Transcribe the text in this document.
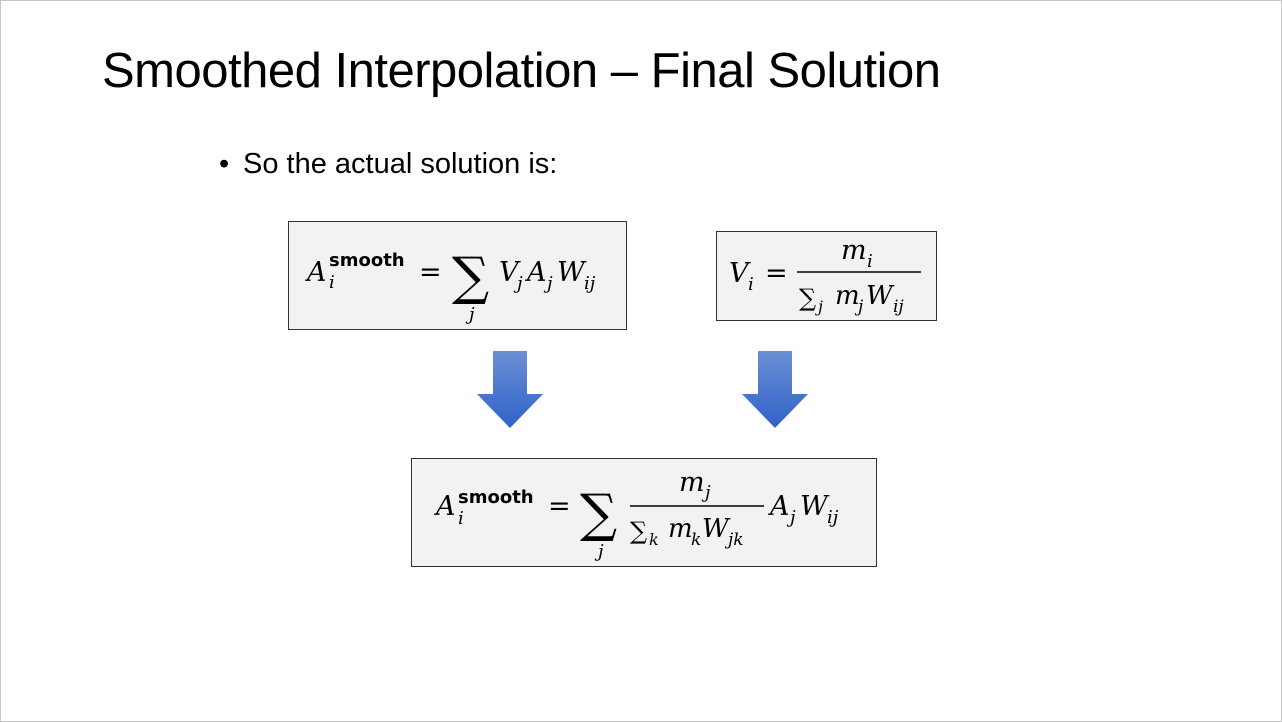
Smoothed Interpolation – Final Solution
• So the actual solution is:
A smooth
i	= ∑
j
V
j A j W ij	V i =
m i
∑ j m
j W ij
A smooth
i	= ∑
j
m j
∑ k m
k W jk
A j W ij
